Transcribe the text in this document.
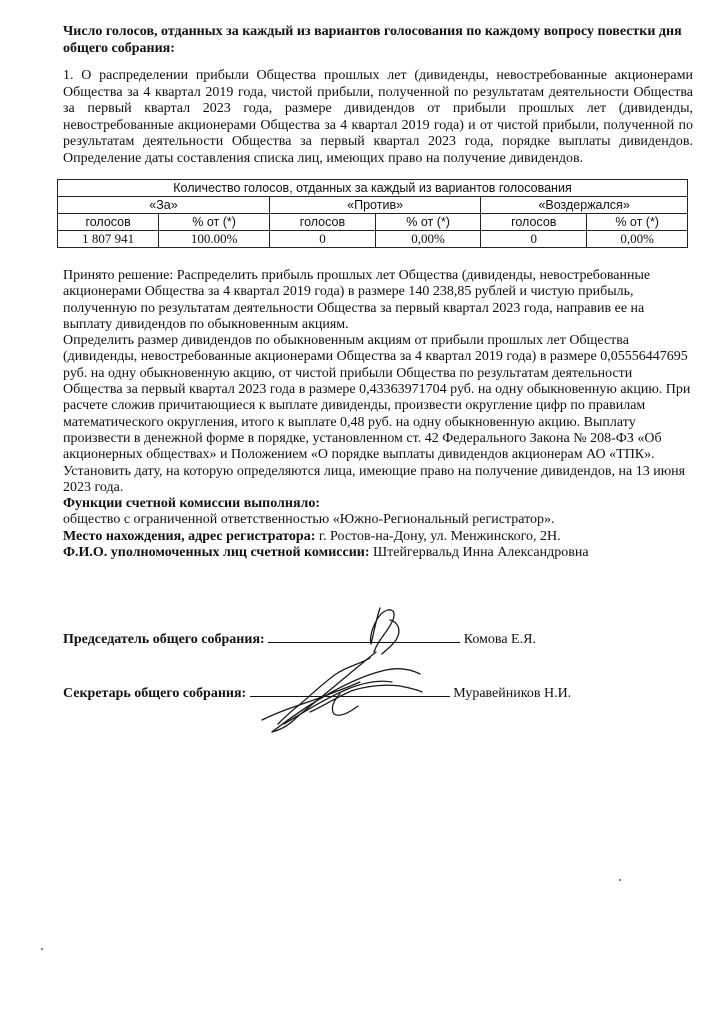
Число голосов, отданных за каждый из вариантов голосования по каждому вопросу повестки дня общего собрания:
1. О распределении прибыли Общества прошлых лет (дивиденды, невостребованные акционерами Общества за 4 квартал 2019 года, чистой прибыли, полученной по результатам деятельности Общества за первый квартал 2023 года, размере дивидендов от прибыли прошлых лет (дивиденды, невостребованные акционерами Общества за 4 квартал 2019 года) и от чистой прибыли, полученной по результатам деятельности Общества за первый квартал 2023 года, порядке выплаты дивидендов. Определение даты составления списка лиц, имеющих право на получение дивидендов.
Количество голосов, отданных за каждый из вариантов голосования					
«За»		«Против»		«Воздержался»	
голосов	% от (*)	голосов	% от (*)	голосов	% от (*)
1 807 941	100.00%	0	0,00%	0	0,00%

Принято решение: Распределить прибыль прошлых лет Общества (дивиденды, невостребованные акционерами Общества за 4 квартал 2019 года) в размере 140 238,85 рублей и чистую прибыль, полученную по результатам деятельности Общества за первый квартал 2023 года, направив ее на выплату дивидендов по обыкновенным акциям.

Определить размер дивидендов по обыкновенным акциям от прибыли прошлых лет Общества (дивиденды, невостребованные акционерами Общества за 4 квартал 2019 года) в размере 0,05556447695 руб. на одну обыкновенную акцию, от чистой прибыли Общества по результатам деятельности Общества за первый квартал 2023 года в размере 0,43363971704 руб. на одну обыкновенную акцию. При расчете сложив причитающиеся к выплате дивиденды, произвести округление цифр по правилам математического округления, итого к выплате 0,48 руб. на одну обыкновенную акцию. Выплату произвести в денежной форме в порядке, установленном ст. 42 Федерального Закона № 208-ФЗ «Об акционерных обществах» и Положением «О порядке выплаты дивидендов акционерам АО «ТПК». Установить дату, на которую определяются лица, имеющие право на получение дивидендов, на 13 июня 2023 года.

Функции счетной комиссии выполняло:

общество с ограниченной ответственностью «Южно-Региональный регистратор».

Место нахождения, адрес регистратора: г. Ростов-на-Дону, ул. Менжинского, 2Н.

Ф.И.О. уполномоченных лиц счетной комиссии: Штейгервальд Инна Александровна

Председатель общего собрания:	Комова Е.Я.
Секретарь общего собрания:	Муравейников Н.И.
